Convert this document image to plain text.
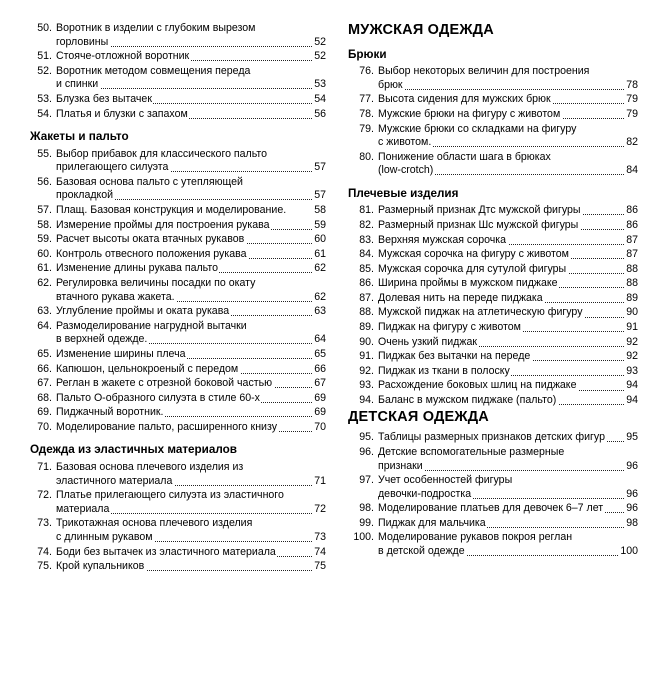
50. Воротник в изделии с глубоким вырезом
горловины	52
51. Стояче-отложной воротник	52
52. Воротник методом совмещения переда
и спинки	53
53. Блузка без вытачек	54
54. Платья и блузки с запахом	56
Жакеты и пальто
55. Выбор прибавок для классического пальто
прилегающего силуэта	57
56. Базовая основа пальто с утепляющей
прокладкой	57
57. Плащ. Базовая конструкция и моделирование.	58
58. Измерение проймы для построения рукава	59
59. Расчет высоты оката втачных рукавов	60
60. Контроль отвесного положения рукава	61
61. Изменение длины рукава пальто	62
62. Регулировка величины посадки по окату
втачного рукава жакета.	62
63. Углубление проймы и оката рукава	63
64. Размоделирование нагрудной вытачки
в верхней одежде.	64
65. Изменение ширины плеча	65
66. Капюшон, цельнокроеный с передом	66
67. Реглан в жакете с отрезной боковой частью	67
68. Пальто О-образного силуэта в стиле 60-х	69
69. Пиджачный воротник.	69
70. Моделирование пальто, расширенного книзу	70
Одежда из эластичных материалов
71. Базовая основа плечевого изделия из
эластичного материала	71
72. Платье прилегающего силуэта из эластичного
материала	72
73. Трикотажная основа плечевого изделия
с длинным рукавом	73
74. Боди без вытачек из эластичного материала	74
75. Крой купальников	75
МУЖСКАЯ ОДЕЖДА
Брюки
76. Выбор некоторых величин для построения
брюк	78
77. Высота сидения для мужских брюк	79
78. Мужские брюки на фигуру с животом	79
79. Мужские брюки со складками на фигуру
с животом.	82
80. Понижение области шага в брюках
(low-crotch)	84
Плечевые изделия
81. Размерный признак Дтс мужской фигуры	86
82. Размерный признак Шс мужской фигуры	86
83. Верхняя мужская сорочка	87
84. Мужская сорочка на фигуру с животом	87
85. Мужская сорочка для сутулой фигуры	88
86. Ширина проймы в мужском пиджаке	88
87. Долевая нить на переде пиджака	89
88. Мужской пиджак на атлетическую фигуру	90
89. Пиджак на фигуру с животом	91
90. Очень узкий пиджак	92
91. Пиджак без вытачки на переде	92
92. Пиджак из ткани в полоску	93
93. Расхождение боковых шлиц на пиджаке	94
94. Баланс в мужском пиджаке (пальто)	94
ДЕТСКАЯ ОДЕЖДА
95. Таблицы размерных признаков детских фигур 95
96. Детские вспомогательные размерные
признаки	96
97. Учет особенностей фигуры
девочки-подростка	96
98. Моделирование платьев для девочек 6–7 лет 96
99. Пиджак для мальчика	98
100. Моделирование рукавов покроя реглан
в детской одежде	100
